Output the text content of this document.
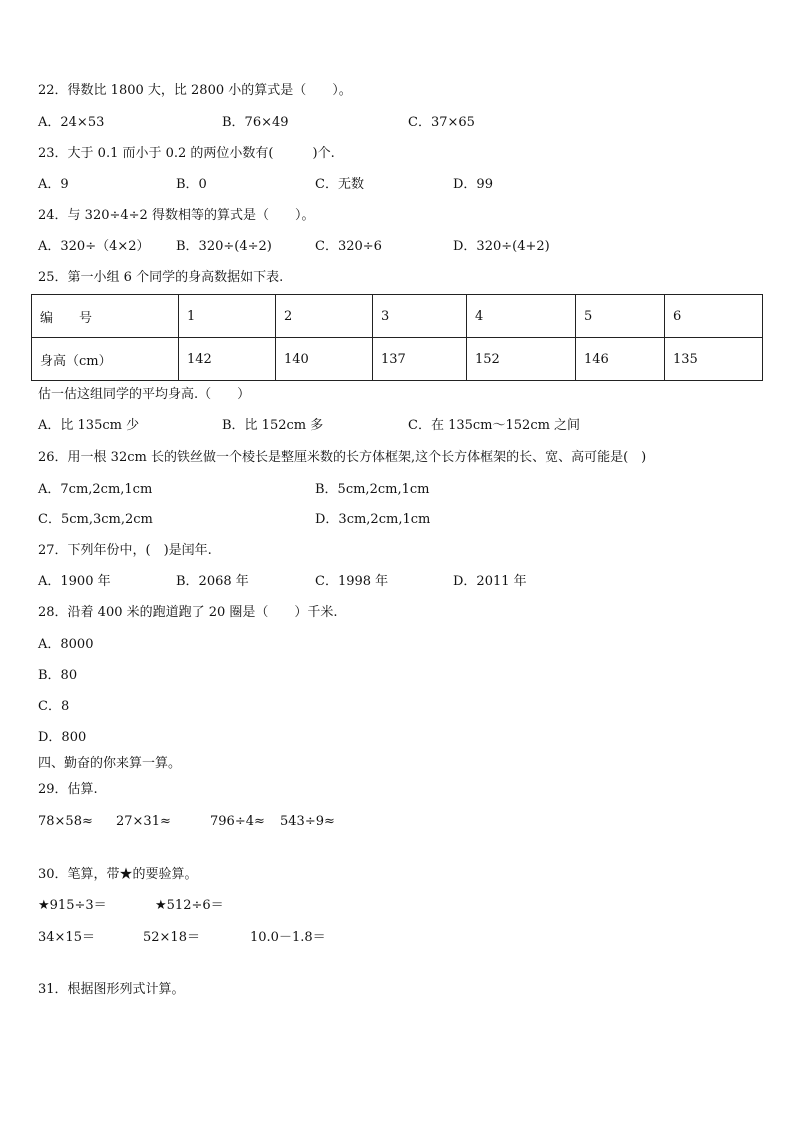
22．得数比 1800 大，比 2800 小的算式是（　　）。
A．24×53	B．76×49	C．37×65
23．大于 0.1 而小于 0.2 的两位小数有(　　　)个.
A．9	B．0	C．无数	D．99
24．与 320÷4÷2 得数相等的算式是（　　）。
A．320÷（4×2） B．320÷(4÷2)	C．320÷6	D．320÷(4+2)
25．第一小组 6 个同学的身高数据如下表.
编　　号	1	2	3	4	5	6
身高（cm）	142	140	137	152	146	135
估一估这组同学的平均身高.（　　）
A．比 135cm 少	B．比 152cm 多	C．在 135cm～152cm 之间
26．用一根 32cm 长的铁丝做一个棱长是整厘米数的长方体框架,这个长方体框架的长、宽、高可能是(　)
A．7cm,2cm,1cm	B．5cm,2cm,1cm
C．5cm,3cm,2cm	D．3cm,2cm,1cm
27．下列年份中，(　)是闰年.
A．1900 年	B．2068 年	C．1998 年	D．2011 年
28．沿着 400 米的跑道跑了 20 圈是（　　）千米.
A．8000
B．80
C．8
D．800
四、勤奋的你来算一算。
29．估算.
78×58≈ 27×31≈	796÷4≈ 543÷9≈
30．笔算，带★的要验算。
★915÷3＝	★512÷6＝
34×15＝	52×18＝	10.0－1.8＝
31．根据图形列式计算。
